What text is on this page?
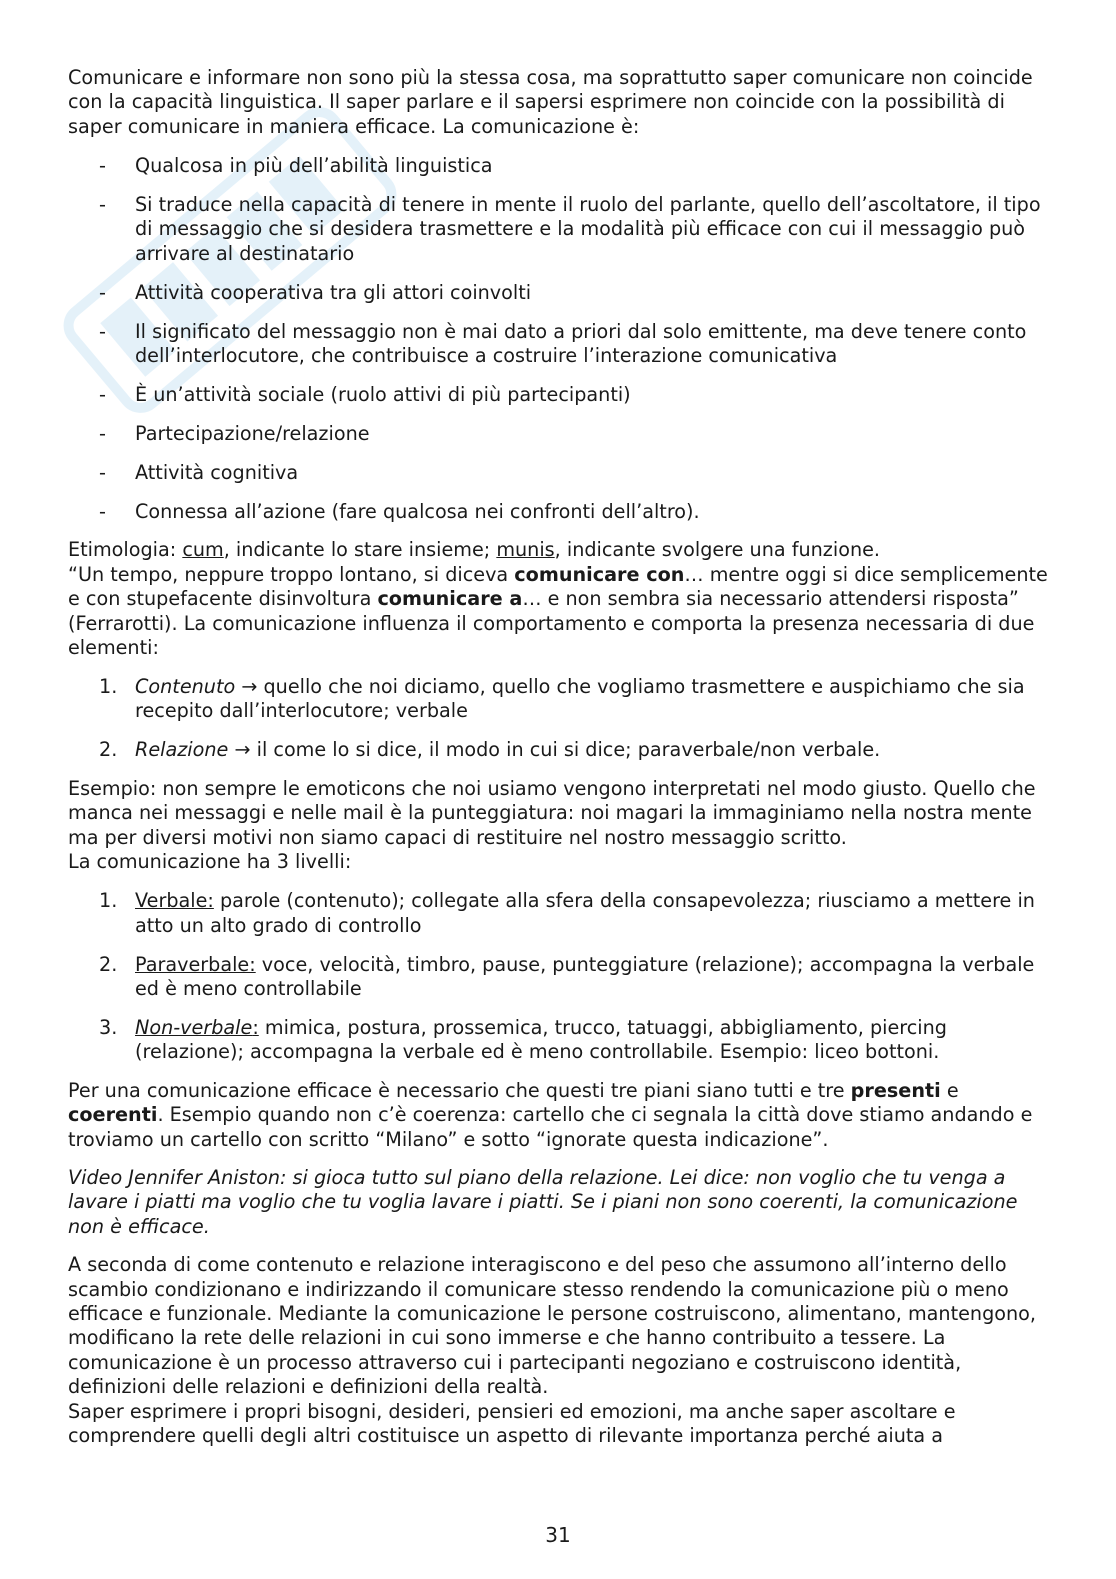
Comunicare e informare non sono più la stessa cosa, ma soprattutto saper comunicare non coincide con la capacità linguistica. Il saper parlare e il sapersi esprimere non coincide con la possibilità di saper comunicare in maniera efficace. La comunicazione è:

- Qualcosa in più dell’abilità linguistica
- Si traduce nella capacità di tenere in mente il ruolo del parlante, quello dell’ascoltatore, il tipo di messaggio che si desidera trasmettere e la modalità più efficace con cui il messaggio può arrivare al destinatario
- Attività cooperativa tra gli attori coinvolti
- Il significato del messaggio non è mai dato a priori dal solo emittente, ma deve tenere conto dell’interlocutore, che contribuisce a costruire l’interazione comunicativa
- È un’attività sociale (ruolo attivi di più partecipanti)
- Partecipazione/relazione
- Attività cognitiva
- Connessa all’azione (fare qualcosa nei confronti dell’altro).

Etimologia: cum, indicante lo stare insieme; munis, indicante svolgere una funzione.

“Un tempo, neppure troppo lontano, si diceva comunicare con… mentre oggi si dice semplicemente e con stupefacente disinvoltura comunicare a… e non sembra sia necessario attendersi risposta” (Ferrarotti). La comunicazione influenza il comportamento e comporta la presenza necessaria di due elementi:

1. Contenuto → quello che noi diciamo, quello che vogliamo trasmettere e auspichiamo che sia recepito dall’interlocutore; verbale
2. Relazione → il come lo si dice, il modo in cui si dice; paraverbale/non verbale.

Esempio: non sempre le emoticons che noi usiamo vengono interpretati nel modo giusto. Quello che manca nei messaggi e nelle mail è la punteggiatura: noi magari la immaginiamo nella nostra mente ma per diversi motivi non siamo capaci di restituire nel nostro messaggio scritto.

La comunicazione ha 3 livelli:

1. Verbale: parole (contenuto); collegate alla sfera della consapevolezza; riusciamo a mettere in atto un alto grado di controllo
2. Paraverbale: voce, velocità, timbro, pause, punteggiature (relazione); accompagna la verbale ed è meno controllabile
3. Non-verbale: mimica, postura, prossemica, trucco, tatuaggi, abbigliamento, piercing (relazione); accompagna la verbale ed è meno controllabile. Esempio: liceo bottoni.

Per una comunicazione efficace è necessario che questi tre piani siano tutti e tre presenti e coerenti. Esempio quando non c’è coerenza: cartello che ci segnala la città dove stiamo andando e troviamo un cartello con scritto “Milano” e sotto “ignorate questa indicazione”.

Video Jennifer Aniston: si gioca tutto sul piano della relazione. Lei dice: non voglio che tu venga a lavare i piatti ma voglio che tu voglia lavare i piatti. Se i piani non sono coerenti, la comunicazione non è efficace.

A seconda di come contenuto e relazione interagiscono e del peso che assumono all’interno dello scambio condizionano e indirizzando il comunicare stesso rendendo la comunicazione più o meno efficace e funzionale. Mediante la comunicazione le persone costruiscono, alimentano, mantengono, modificano la rete delle relazioni in cui sono immerse e che hanno contribuito a tessere. La comunicazione è un processo attraverso cui i partecipanti negoziano e costruiscono identità, definizioni delle relazioni e definizioni della realtà.

Saper esprimere i propri bisogni, desideri, pensieri ed emozioni, ma anche saper ascoltare e comprendere quelli degli altri costituisce un aspetto di rilevante importanza perché aiuta a

31
